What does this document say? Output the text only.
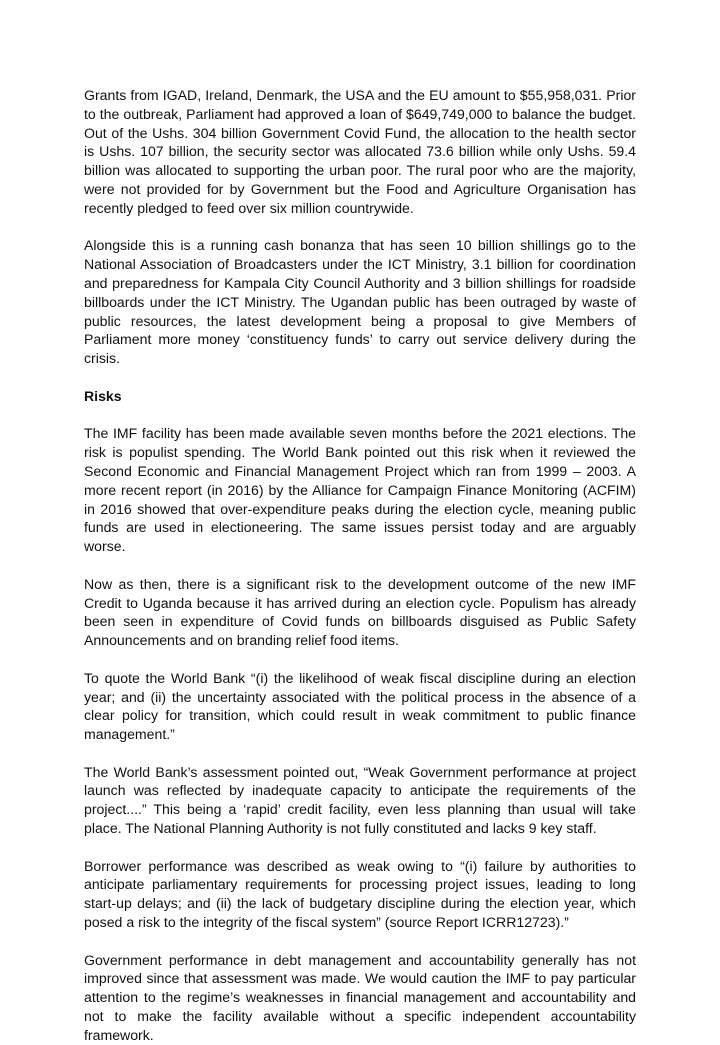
Grants from IGAD, Ireland, Denmark, the USA and the EU amount to $55,958,031. Prior to the outbreak, Parliament had approved a loan of $649,749,000 to balance the budget. Out of the Ushs. 304 billion Government Covid Fund, the allocation to the health sector is Ushs. 107 billion, the security sector was allocated 73.6 billion while only Ushs. 59.4 billion was allocated to supporting the urban poor. The rural poor who are the majority, were not provided for by Government but the Food and Agriculture Organisation has recently pledged to feed over six million countrywide.

Alongside this is a running cash bonanza that has seen 10 billion shillings go to the National Association of Broadcasters under the ICT Ministry, 3.1 billion for coordination and preparedness for Kampala City Council Authority and 3 billion shillings for roadside billboards under the ICT Ministry. The Ugandan public has been outraged by waste of public resources, the latest development being a proposal to give Members of Parliament more money ‘constituency funds’ to carry out service delivery during the crisis.

Risks

The IMF facility has been made available seven months before the 2021 elections. The risk is populist spending. The World Bank pointed out this risk when it reviewed the Second Economic and Financial Management Project which ran from 1999 – 2003. A more recent report (in 2016) by the Alliance for Campaign Finance Monitoring (ACFIM) in 2016 showed that over-expenditure peaks during the election cycle, meaning public funds are used in electioneering. The same issues persist today and are arguably worse.

Now as then, there is a significant risk to the development outcome of the new IMF Credit to Uganda because it has arrived during an election cycle. Populism has already been seen in expenditure of Covid funds on billboards disguised as Public Safety Announcements and on branding relief food items.

To quote the World Bank “(i) the likelihood of weak fiscal discipline during an election year; and (ii) the uncertainty associated with the political process in the absence of a clear policy for transition, which could result in weak commitment to public finance management.”

The World Bank’s assessment pointed out, “Weak Government performance at project launch was reflected by inadequate capacity to anticipate the requirements of the project....” This being a ‘rapid’ credit facility, even less planning than usual will take place. The National Planning Authority is not fully constituted and lacks 9 key staff.

Borrower performance was described as weak owing to “(i) failure by authorities to anticipate parliamentary requirements for processing project issues, leading to long start-up delays; and (ii) the lack of budgetary discipline during the election year, which posed a risk to the integrity of the fiscal system” (source Report ICRR12723).”

Government performance in debt management and accountability generally has not improved since that assessment was made. We would caution the IMF to pay particular attention to the regime’s weaknesses in financial management and accountability and not to make the facility available without a specific independent accountability framework.
